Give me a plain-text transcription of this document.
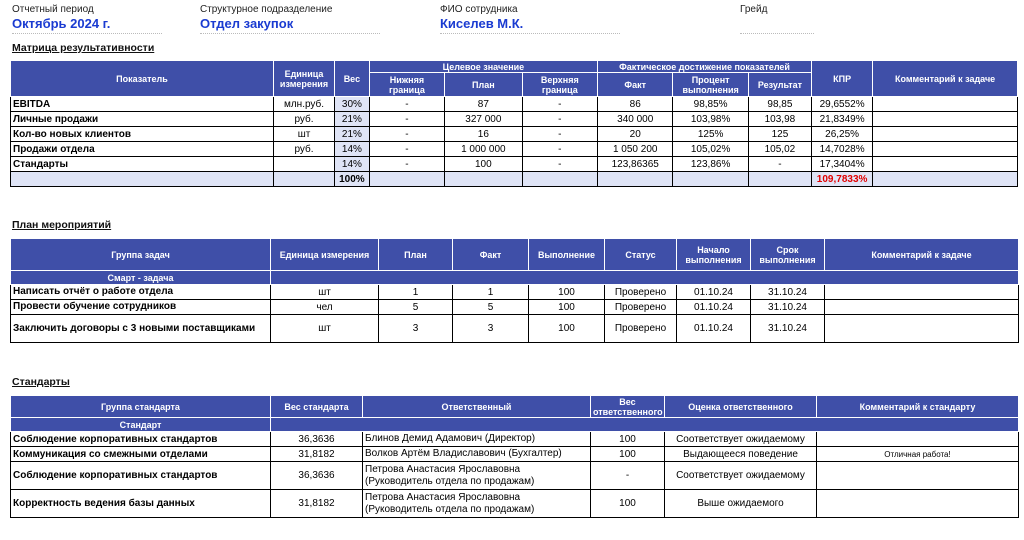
Отчетный период
Октябрь 2024 г.
Структурное подразделение
Отдел закупок
ФИО сотрудника
Киселев М.К.
Грейд
Матрица результативности
Показатель	Единица измерения	Вес	Целевое значение			Фактическое достижение показателей			КПР	Комментарий к задаче
			Нижняя граница	План	Верхняя граница	Факт	Процент выполнения	Результат		
EBITDA	млн.руб.	30%	-	87	-	86	98,85%	98,85	29,6552%	
Личные продажи	руб.	21%	-	327 000	-	340 000	103,98%	103,98	21,8349%	
Кол-во новых клиентов	шт	21%	-	16	-	20	125%	125	26,25%	
Продажи отдела	руб.	14%	-	1 000 000	-	1 050 200	105,02%	105,02	14,7028%	
Стандарты		14%	-	100	-	123,86365	123,86%	-	17,3404%	
		100%							109,7833%	
План мероприятий
Группа задач	Единица измерения	План	Факт	Выполнение	Статус	Начало выполнения	Срок выполнения	Комментарий к задаче
Смарт - задача								
Написать отчёт о работе отдела	шт	1	1	100	Проверено	01.10.24	31.10.24	
Провести обучение сотрудников	чел	5	5	100	Проверено	01.10.24	31.10.24	
Заключить договоры с 3 новыми поставщиками	шт	3	3	100	Проверено	01.10.24	31.10.24	
Стандарты
Группа стандарта	Вес стандарта	Ответственный	Вес ответственного	Оценка ответственного	Комментарий к стандарту
Стандарт					
Соблюдение корпоративных стандартов	36,3636	Блинов Демид Адамович (Директор)	100	Соответствует ожидаемому	
Коммуникация со смежными отделами	31,8182	Волков Артём Владиславович (Бухгалтер)	100	Выдающееся поведение	Отличная работа!
Соблюдение корпоративных стандартов	36,3636	Петрова Анастасия Ярославовна (Руководитель отдела по продажам)	-	Соответствует ожидаемому	
Корректность ведения базы данных	31,8182	Петрова Анастасия Ярославовна (Руководитель отдела по продажам)	100	Выше ожидаемого	
